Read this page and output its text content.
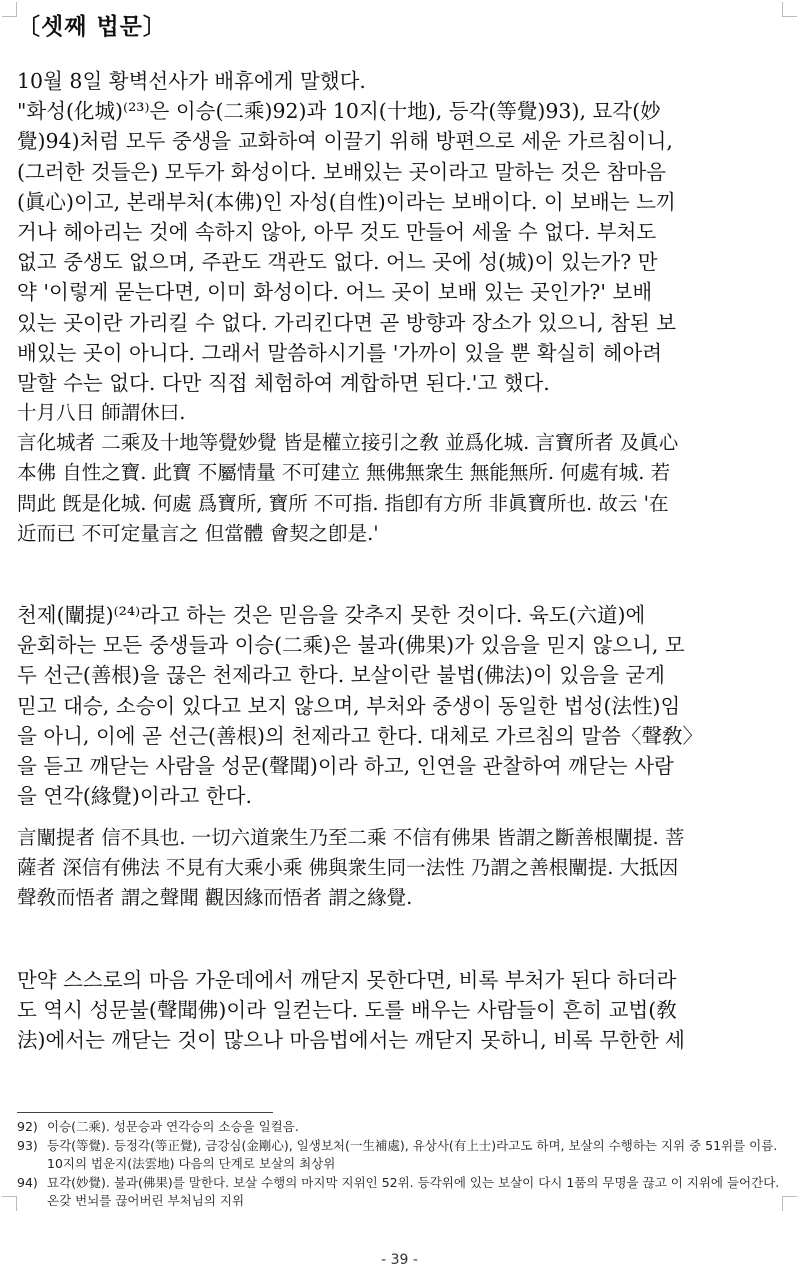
〔셋째 법문〕
10월 8일 황벽선사가 배휴에게 말했다.
"화성(化城)⁽²³⁾은 이승(二乘)92)과 10지(十地), 등각(等覺)93), 묘각(妙
覺)94)처럼 모두 중생을 교화하여 이끌기 위해 방편으로 세운 가르침이니,
(그러한 것들은) 모두가 화성이다. 보배있는 곳이라고 말하는 것은 참마음
(眞心)이고, 본래부처(本佛)인 자성(自性)이라는 보배이다. 이 보배는 느끼
거나 헤아리는 것에 속하지 않아, 아무 것도 만들어 세울 수 없다. 부처도
없고 중생도 없으며, 주관도 객관도 없다. 어느 곳에 성(城)이 있는가? 만
약 '이렇게 묻는다면, 이미 화성이다. 어느 곳이 보배 있는 곳인가?' 보배
있는 곳이란 가리킬 수 없다. 가리킨다면 곧 방향과 장소가 있으니, 참된 보
배있는 곳이 아니다. 그래서 말씀하시기를 '가까이 있을 뿐 확실히 헤아려
말할 수는 없다. 다만 직접 체험하여 계합하면 된다.'고 했다.
十月八日 師謂休曰.
言化城者 二乘及十地等覺妙覺 皆是權立接引之敎 並爲化城. 言寶所者 及眞心
本佛 自性之寶. 此寶 不屬情量 不可建立 無佛無衆生 無能無所. 何處有城. 若
問此 旣是化城. 何處 爲寶所, 寶所 不可指. 指卽有方所 非眞寶所也. 故云 '在
近而已 不可定量言之 但當體 會契之卽是.'
천제(闡提)⁽²⁴⁾라고 하는 것은 믿음을 갖추지 못한 것이다. 육도(六道)에
윤회하는 모든 중생들과 이승(二乘)은 불과(佛果)가 있음을 믿지 않으니, 모
두 선근(善根)을 끊은 천제라고 한다. 보살이란 불법(佛法)이 있음을 굳게
믿고 대승, 소승이 있다고 보지 않으며, 부처와 중생이 동일한 법성(法性)임
을 아니, 이에 곧 선근(善根)의 천제라고 한다. 대체로 가르침의 말씀〈聲敎〉
을 듣고 깨닫는 사람을 성문(聲聞)이라 하고, 인연을 관찰하여 깨닫는 사람
을 연각(緣覺)이라고 한다.
言闡提者 信不具也. 一切六道衆生乃至二乘 不信有佛果 皆謂之斷善根闡提. 菩
薩者 深信有佛法 不見有大乘小乘 佛與衆生同一法性 乃謂之善根闡提. 大抵因
聲敎而悟者 謂之聲聞 觀因緣而悟者 謂之緣覺.
만약 스스로의 마음 가운데에서 깨닫지 못한다면, 비록 부처가 된다 하더라
도 역시 성문불(聲聞佛)이라 일컫는다. 도를 배우는 사람들이 흔히 교법(敎
法)에서는 깨닫는 것이 많으나 마음법에서는 깨닫지 못하니, 비록 무한한 세
92) 이승(二乘). 성문승과 연각승의 소승을 일컬음.
93) 등각(等覺). 등정각(等正覺), 금강심(金剛心), 일생보처(一生補處), 유상사(有上士)라고도 하며, 보살의 수행하는 지위 중 51위를 이름. 10지의 법운지(法雲地) 다음의 단계로 보살의 최상위
94) 묘각(妙覺). 불과(佛果)를 말한다. 보살 수행의 마지막 지위인 52위. 등각위에 있는 보살이 다시 1품의 무명을 끊고 이 지위에 들어간다. 온갖 번뇌를 끊어버린 부처님의 지위
- 39 -
